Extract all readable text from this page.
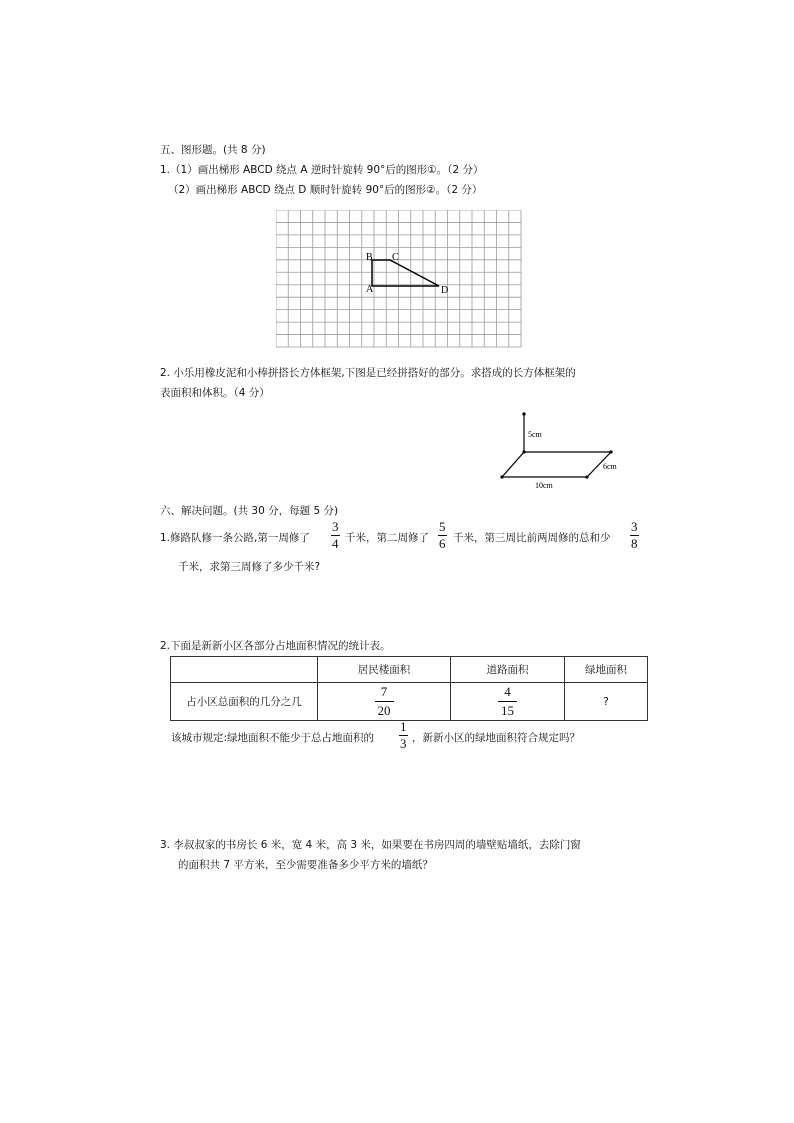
五、图形题。(共 8 分)
1.（1）画出梯形 ABCD 绕点 A 逆时针旋转 90°后的图形①。（2 分）
（2）画出梯形 ABCD 绕点 D 顺时针旋转 90°后的图形②。（2 分）
B C
A	D
2. 小乐用橡皮泥和小棒拼搭长方体框架,下图是已经拼搭好的部分。求搭成的长方体框架的
表面积和体积。（4 分）
5cm
6cm
10cm
六、解决问题。(共 30 分，每题 5 分)
1.修路队修一条公路,第一周修了
3
4 千米，第二周修了
5
6 千米，第三周比前两周修的总和少
3
8
千米，求第三周修了多少千米?
2.下面是新新小区各部分占地面积情况的统计表。
	居民楼面积	道路面积	绿地面积
占小区总面积的几分之几	$\frac{7}{20}$	$\frac{4}{15}$	?
该城市规定:绿地面积不能少于总占地面积的
1
3 ，新新小区的绿地面积符合规定吗？
3. 李叔叔家的书房长 6 米，宽 4 米，高 3 米，如果要在书房四周的墙壁贴墙纸，去除门窗
的面积共 7 平方米，至少需要准备多少平方米的墙纸？
